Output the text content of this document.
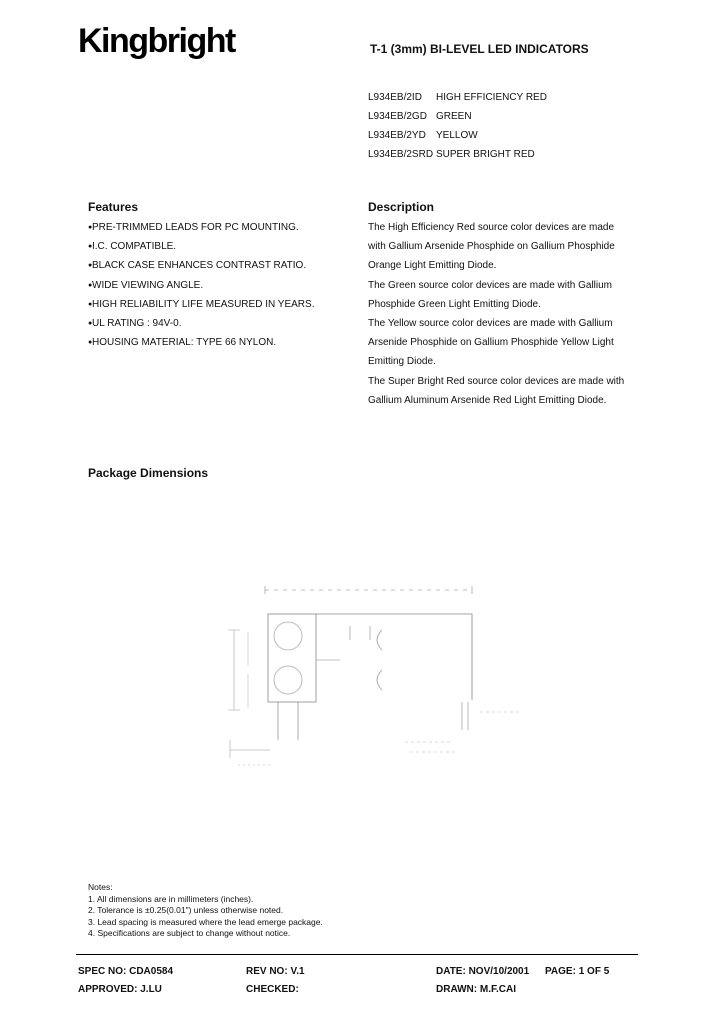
Kingbright	T-1 (3mm) BI-LEVEL LED INDICATORS
L934EB/2ID	HIGH EFFICIENCY RED
L934EB/2GD GREEN
L934EB/2YD	YELLOW
L934EB/2SRD SUPER BRIGHT RED
Features
● PRE-TRIMMED LEADS FOR PC MOUNTING.
● I.C. COMPATIBLE.
● BLACK CASE ENHANCES CONTRAST RATIO.
● WIDE VIEWING ANGLE.
● HIGH RELIABILITY LIFE MEASURED IN YEARS.
● UL RATING : 94V-0.
● HOUSING MATERIAL: TYPE 66 NYLON.
Description
The High Efficiency Red source color devices are made
with Gallium Arsenide Phosphide on Gallium Phosphide
Orange Light Emitting Diode.
The Green source color devices are made with Gallium
Phosphide Green Light Emitting Diode.
The Yellow source color devices are made with Gallium
Arsenide Phosphide on Gallium Phosphide Yellow Light
Emitting Diode.
The Super Bright Red source color devices are made with
Gallium Aluminum Arsenide Red Light Emitting Diode.
Package Dimensions
Notes:
1. All dimensions are in millimeters (inches).
2. Tolerance is ±0.25(0.01") unless otherwise noted.
3. Lead spacing is measured where the lead emerge package.
4. Specifications are subject to change without notice.
SPEC NO: CDA0584	REV NO: V.1	DATE: NOV/10/2001 PAGE: 1 OF 5
APPROVED: J.LU	CHECKED:	DRAWN: M.F.CAI
